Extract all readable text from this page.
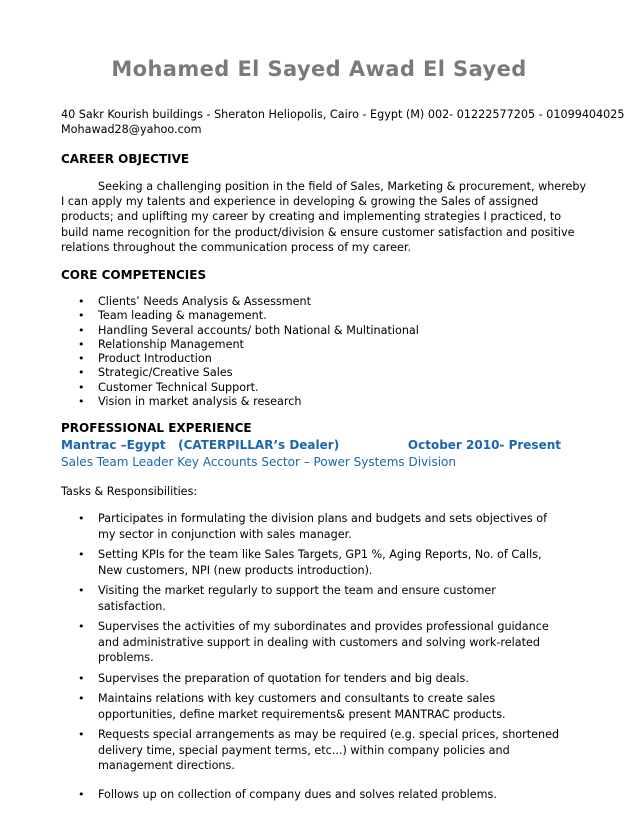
Mohamed El Sayed Awad El Sayed
40 Sakr Kourish buildings - Sheraton Heliopolis, Cairo - Egypt (M) 002- 01222577205 - 01099404025
Mohawad28@yahoo.com
CAREER OBJECTIVE

Seeking a challenging position in the field of Sales, Marketing & procurement, whereby I can apply my talents and experience in developing & growing the Sales of assigned products; and uplifting my career by creating and implementing strategies I practiced, to build name recognition for the product/division & ensure customer satisfaction and positive relations throughout the communication process of my career.

CORE COMPETENCIES
• Clients’ Needs Analysis & Assessment
• Team leading & management.
• Handling Several accounts/ both National & Multinational
• Relationship Management
• Product Introduction
• Strategic/Creative Sales
• Customer Technical Support.
• Vision in market analysis & research
PROFESSIONAL EXPERIENCE
Mantrac –Egypt   (CATERPILLAR’s Dealer)	October 2010- Present
Sales Team Leader Key Accounts Sector – Power Systems Division
Tasks & Responsibilities:
• Participates in formulating the division plans and budgets and sets objectives of my sector in conjunction with sales manager.
• Setting KPIs for the team like Sales Targets, GP1 %, Aging Reports, No. of Calls, New customers, NPI (new products introduction).
• Visiting the market regularly to support the team and ensure customer satisfaction.
• Supervises the activities of my subordinates and provides professional guidance and administrative support in dealing with customers and solving work-related problems.
• Supervises the preparation of quotation for tenders and big deals.
• Maintains relations with key customers and consultants to create sales opportunities, define market requirements& present MANTRAC products.
• Requests special arrangements as may be required (e.g. special prices, shortened delivery time, special payment terms, etc...) within company policies and management directions.
• Follows up on collection of company dues and solves related problems.
